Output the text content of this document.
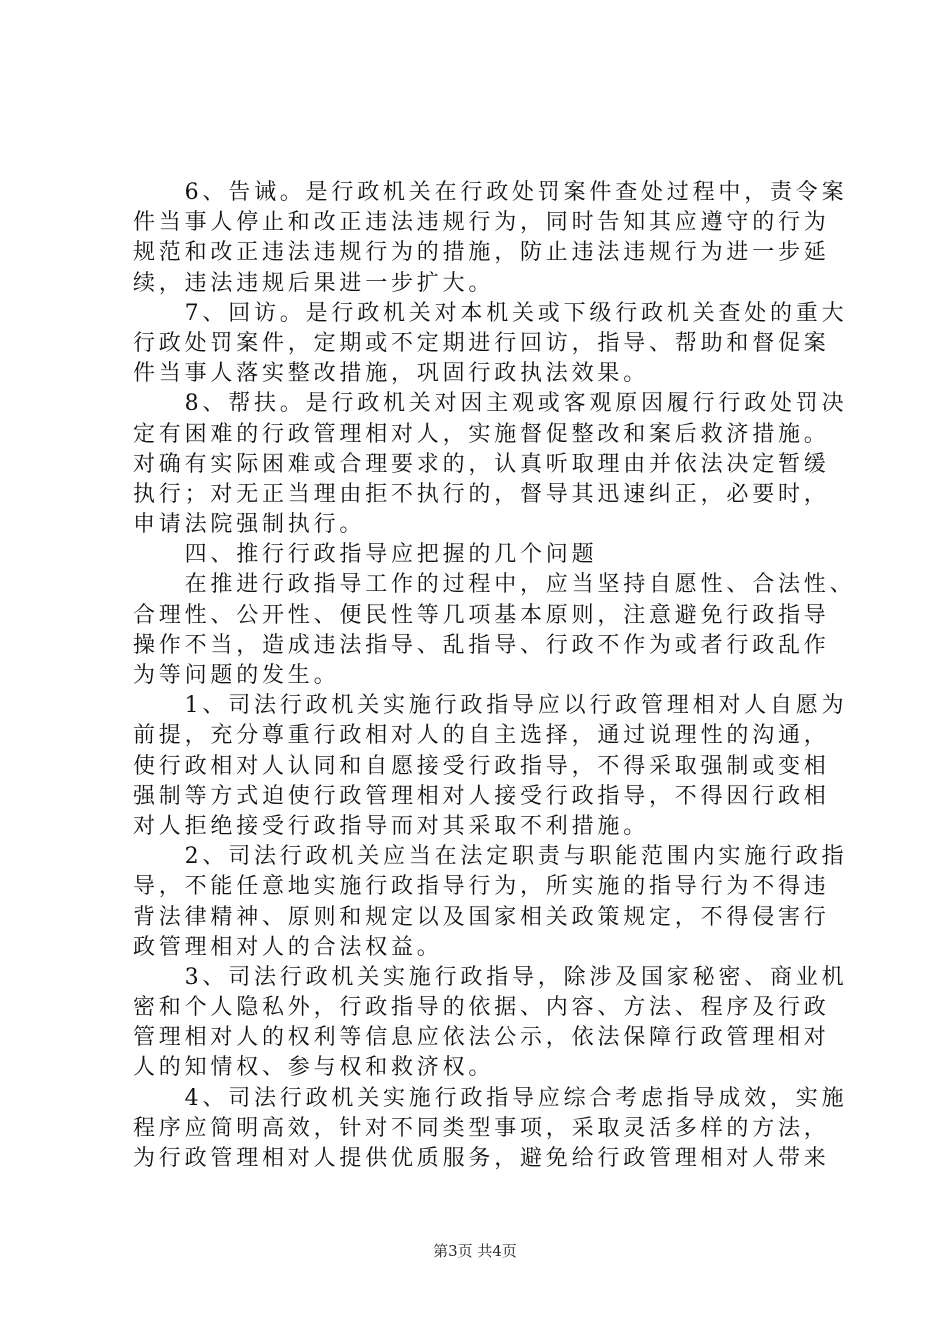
　　6、告诫。是行政机关在行政处罚案件查处过程中，责令案
件当事人停止和改正违法违规行为，同时告知其应遵守的行为
规范和改正违法违规行为的措施，防止违法违规行为进一步延
续，违法违规后果进一步扩大。
　　7、回访。是行政机关对本机关或下级行政机关查处的重大
行政处罚案件，定期或不定期进行回访，指导、帮助和督促案
件当事人落实整改措施，巩固行政执法效果。
　　8、帮扶。是行政机关对因主观或客观原因履行行政处罚决
定有困难的行政管理相对人，实施督促整改和案后救济措施。
对确有实际困难或合理要求的，认真听取理由并依法决定暂缓
执行；对无正当理由拒不执行的，督导其迅速纠正，必要时，
申请法院强制执行。
　　四、推行行政指导应把握的几个问题
　　在推进行政指导工作的过程中，应当坚持自愿性、合法性、
合理性、公开性、便民性等几项基本原则，注意避免行政指导
操作不当，造成违法指导、乱指导、行政不作为或者行政乱作
为等问题的发生。
　　1、司法行政机关实施行政指导应以行政管理相对人自愿为
前提，充分尊重行政相对人的自主选择，通过说理性的沟通，
使行政相对人认同和自愿接受行政指导，不得采取强制或变相
强制等方式迫使行政管理相对人接受行政指导，不得因行政相
对人拒绝接受行政指导而对其采取不利措施。
　　2、司法行政机关应当在法定职责与职能范围内实施行政指
导，不能任意地实施行政指导行为，所实施的指导行为不得违
背法律精神、原则和规定以及国家相关政策规定，不得侵害行
政管理相对人的合法权益。
　　3、司法行政机关实施行政指导，除涉及国家秘密、商业机
密和个人隐私外，行政指导的依据、内容、方法、程序及行政
管理相对人的权利等信息应依法公示，依法保障行政管理相对
人的知情权、参与权和救济权。
　　4、司法行政机关实施行政指导应综合考虑指导成效，实施
程序应简明高效，针对不同类型事项，采取灵活多样的方法，
为行政管理相对人提供优质服务，避免给行政管理相对人带来
第3页 共4页
